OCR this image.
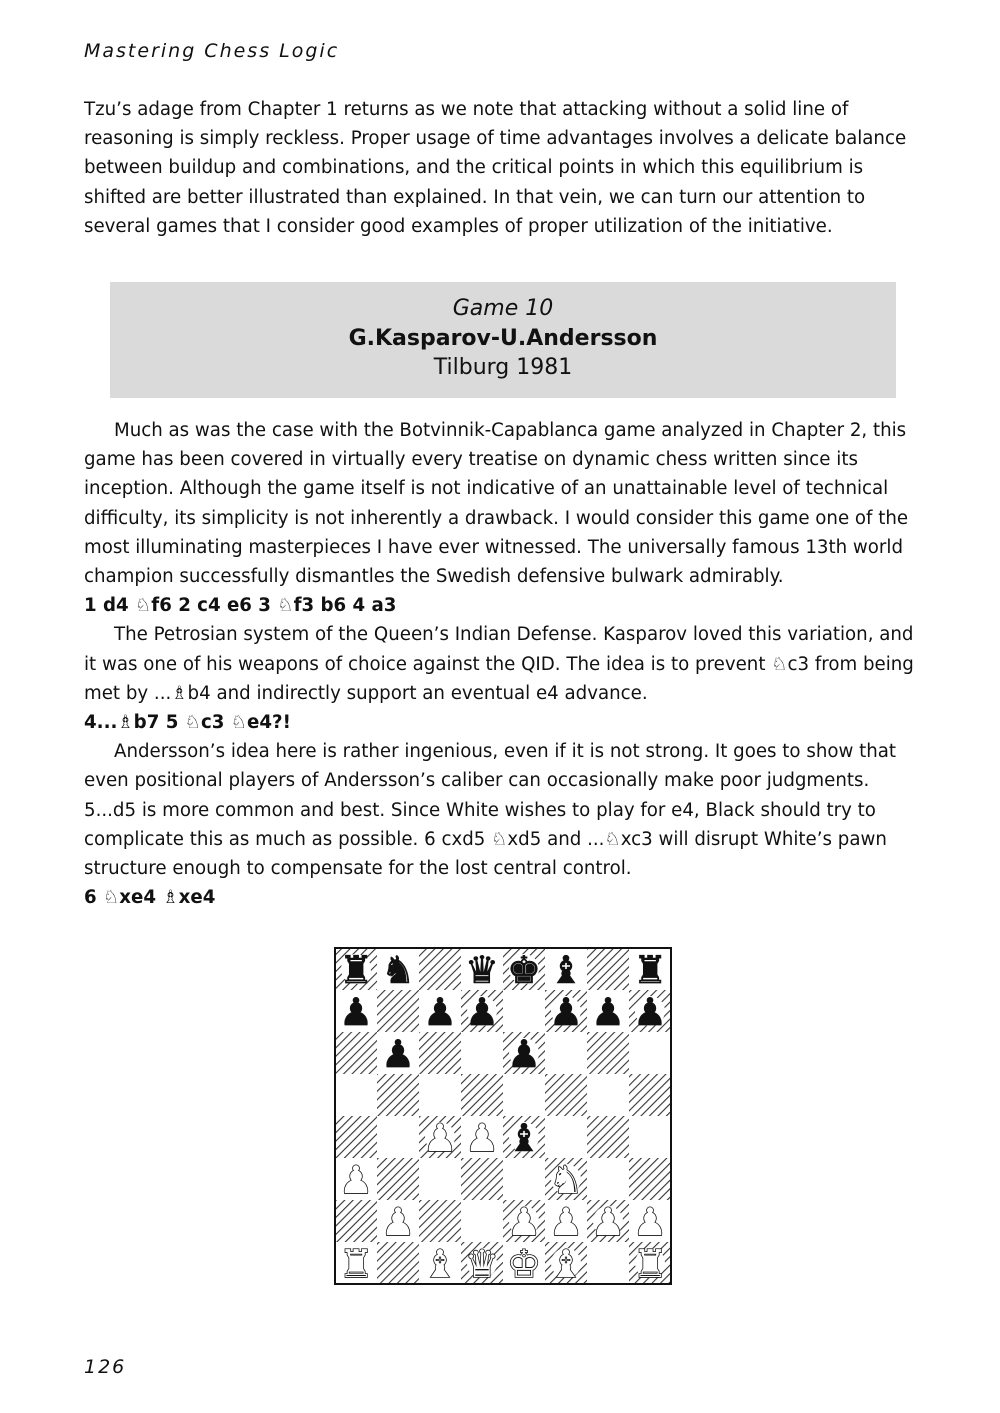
Mastering Chess Logic
Tzu’s adage from Chapter 1 returns as we note that attacking without a solid line of reasoning is simply reckless. Proper usage of time advantages involves a delicate balance between buildup and combinations, and the critical points in which this equilibrium is shifted are better illustrated than explained. In that vein, we can turn our attention to several games that I consider good examples of proper utilization of the initiative.
Game 10
G.Kasparov-U.Andersson
Tilburg 1981

Much as was the case with the Botvinnik-Capablanca game analyzed in Chapter 2, this game has been covered in virtually every treatise on dynamic chess written since its inception. Although the game itself is not indicative of an unattainable level of technical difficulty, its simplicity is not inherently a drawback. I would consider this game one of the most illuminating masterpieces I have ever witnessed. The universally famous 13th world champion successfully dismantles the Swedish defensive bulwark admirably.

1 d4 ♘f6 2 c4 e6 3 ♘f3 b6 4 a3

The Petrosian system of the Queen’s Indian Defense. Kasparov loved this variation, and it was one of his weapons of choice against the QID. The idea is to prevent ♘c3 from being met by ...♗b4 and indirectly support an eventual e4 advance.

4...♗b7 5 ♘c3 ♘e4?!

Andersson’s idea here is rather ingenious, even if it is not strong. It goes to show that even positional players of Andersson’s caliber can occasionally make poor judgments. 5...d5 is more common and best. Since White wishes to play for e4, Black should try to complicate this as much as possible. 6 cxd5 ♘xd5 and ...♘xc3 will disrupt White’s pawn structure enough to compensate for the lost central control.

6 ♘xe4 ♗xe4

♜ ♞ ♛ ♚ ♝ ♜
♟ ♟ ♟ ♟ ♟ ♟
♟ ♟
♟ ♟ ♝
♟	♞
♟ ♟ ♟ ♟ ♟
♜ ♝ ♛ ♚ ♝ ♜
126
